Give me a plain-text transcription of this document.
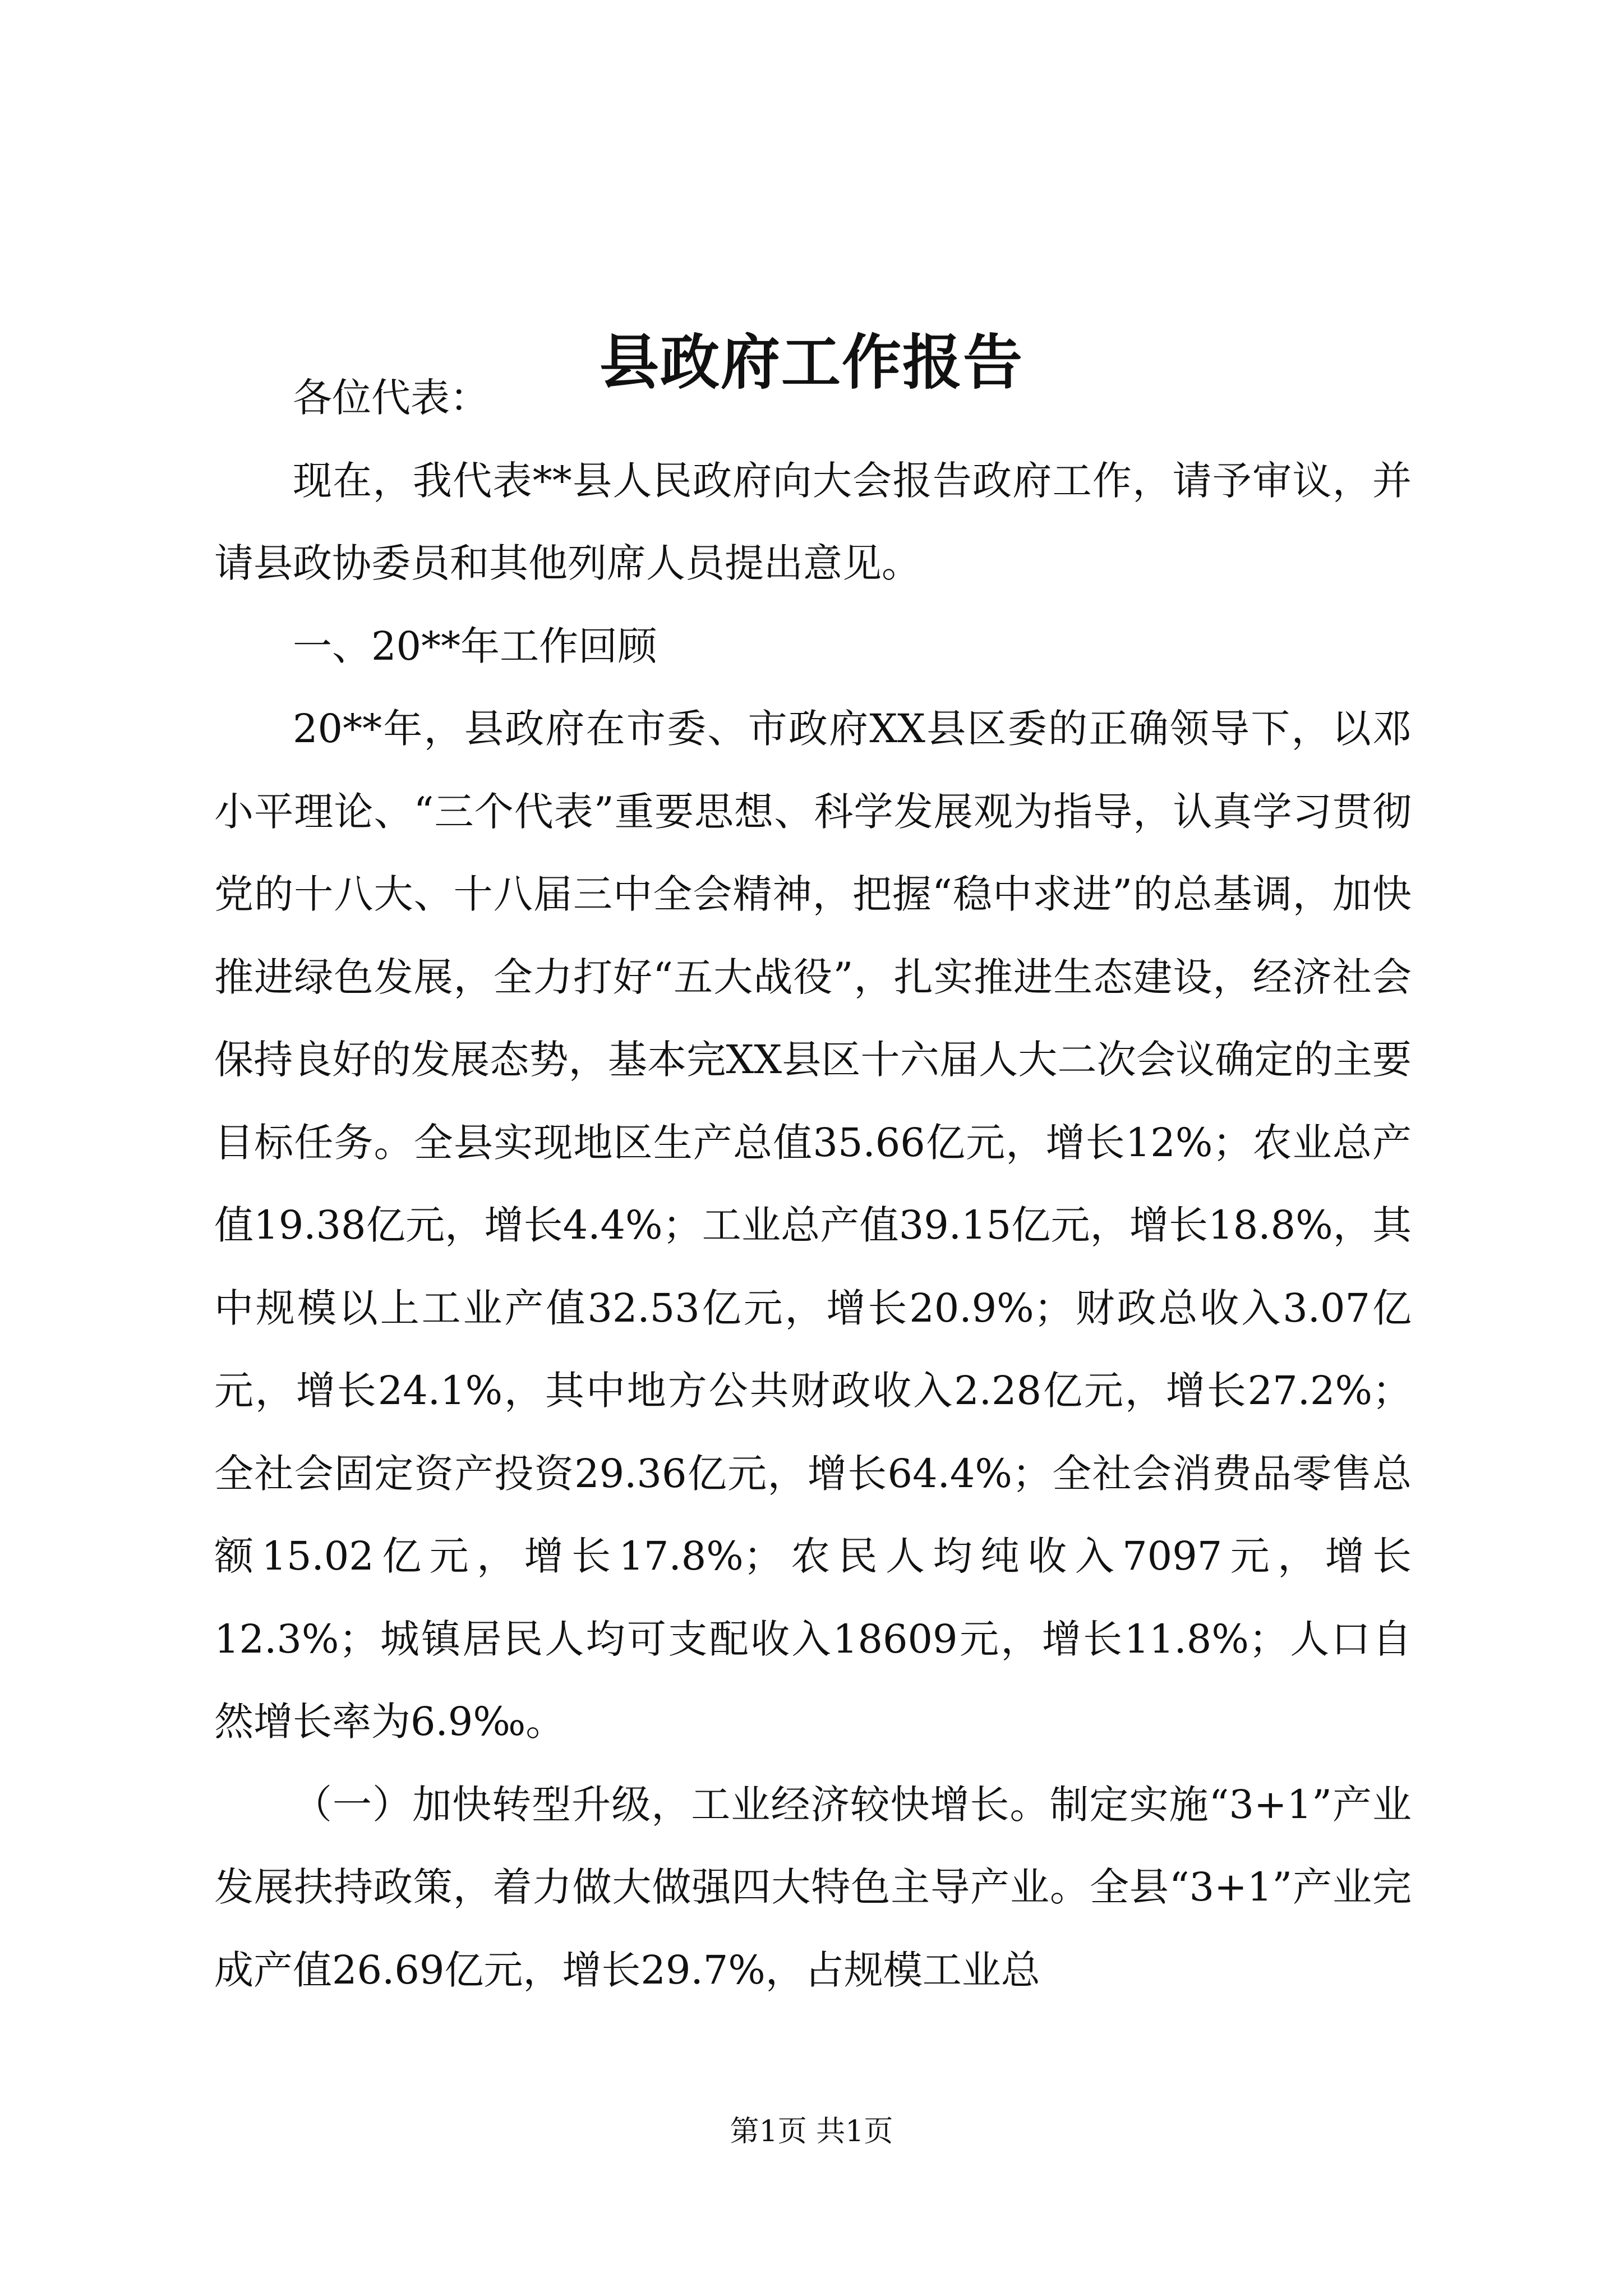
县政府工作报告

各位代表：

现在，我代表**县人民政府向大会报告政府工作，请予审议，并请县政协委员和其他列席人员提出意见。

一、20**年工作回顾

20**年，县政府在市委、市政府XX县区委的正确领导下，以邓小平理论、“三个代表”重要思想、科学发展观为指导，认真学习贯彻党的十八大、十八届三中全会精神，把握“稳中求进”的总基调，加快推进绿色发展，全力打好“五大战役”，扎实推进生态建设，经济社会保持良好的发展态势，基本完XX县区十六届人大二次会议确定的主要目标任务。全县实现地区生产总值35.66亿元，增长12%；农业总产值19.38亿元，增长4.4%；工业总产值39.15亿元，增长18.8%，其中规模以上工业产值32.53亿元，增长20.9%；财政总收入3.07亿元，增长24.1%，其中地方公共财政收入2.28亿元，增长27.2%；全社会固定资产投资29.36亿元，增长64.4%；全社会消费品零售总额15.02亿元，增长17.8%；农民人均纯收入7097元，增长12.3%；城镇居民人均可支配收入18609元，增长11.8%；人口自然增长率为6.9‰。

（一）加快转型升级，工业经济较快增长。制定实施“3+1”产业发展扶持政策，着力做大做强四大特色主导产业。全县“3+1”产业完成产值26.69亿元，增长29.7%，占规模工业总

第1页 共1页
